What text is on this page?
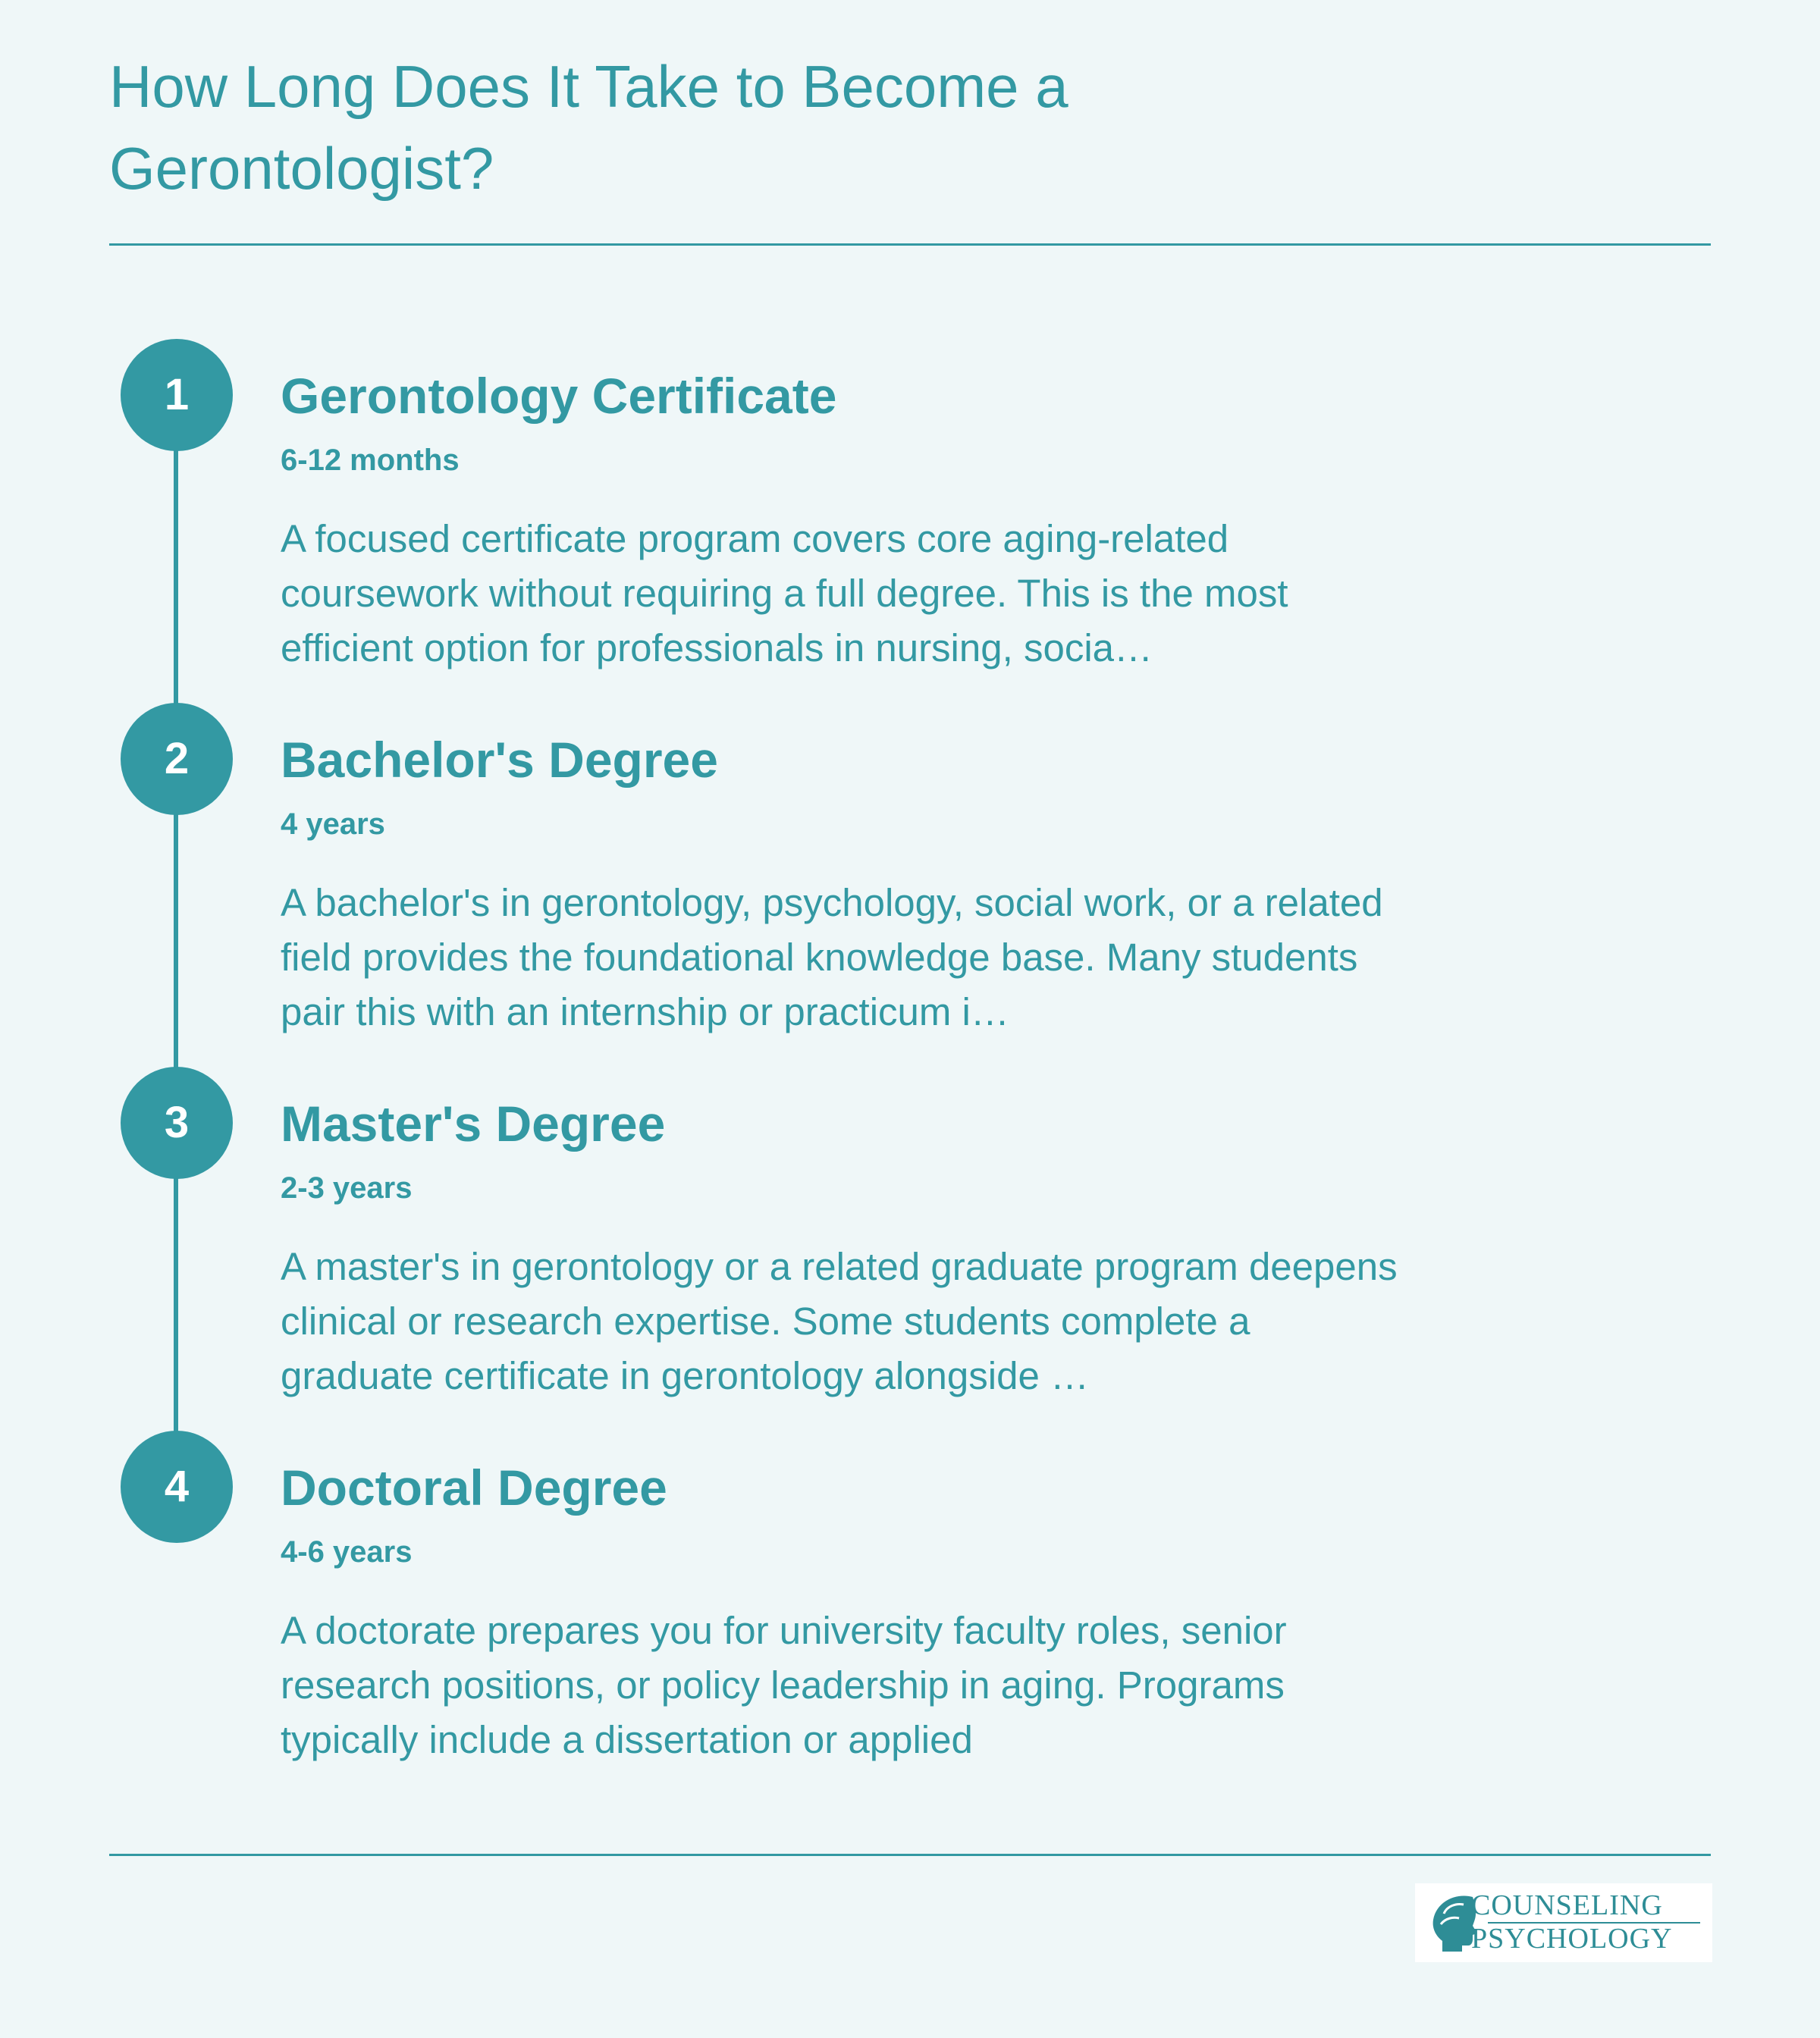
How Long Does It Take to Become a Gerontologist?
1	Gerontology Certificate
6-12 months
A focused certificate program covers core aging-related coursework without requiring a full degree. This is the most efficient option for professionals in nursing, socia…
2	Bachelor's Degree
4 years
A bachelor's in gerontology, psychology, social work, or a related field provides the foundational knowledge base. Many students pair this with an internship or practicum i…
3	Master's Degree
2-3 years
A master's in gerontology or a related graduate program deepens clinical or research expertise. Some students complete a graduate certificate in gerontology alongside …
4	Doctoral Degree
4-6 years
A doctorate prepares you for university faculty roles, senior research positions, or policy leadership in aging. Programs typically include a dissertation or applied
COUNSELING
PSYCHOLOGY
